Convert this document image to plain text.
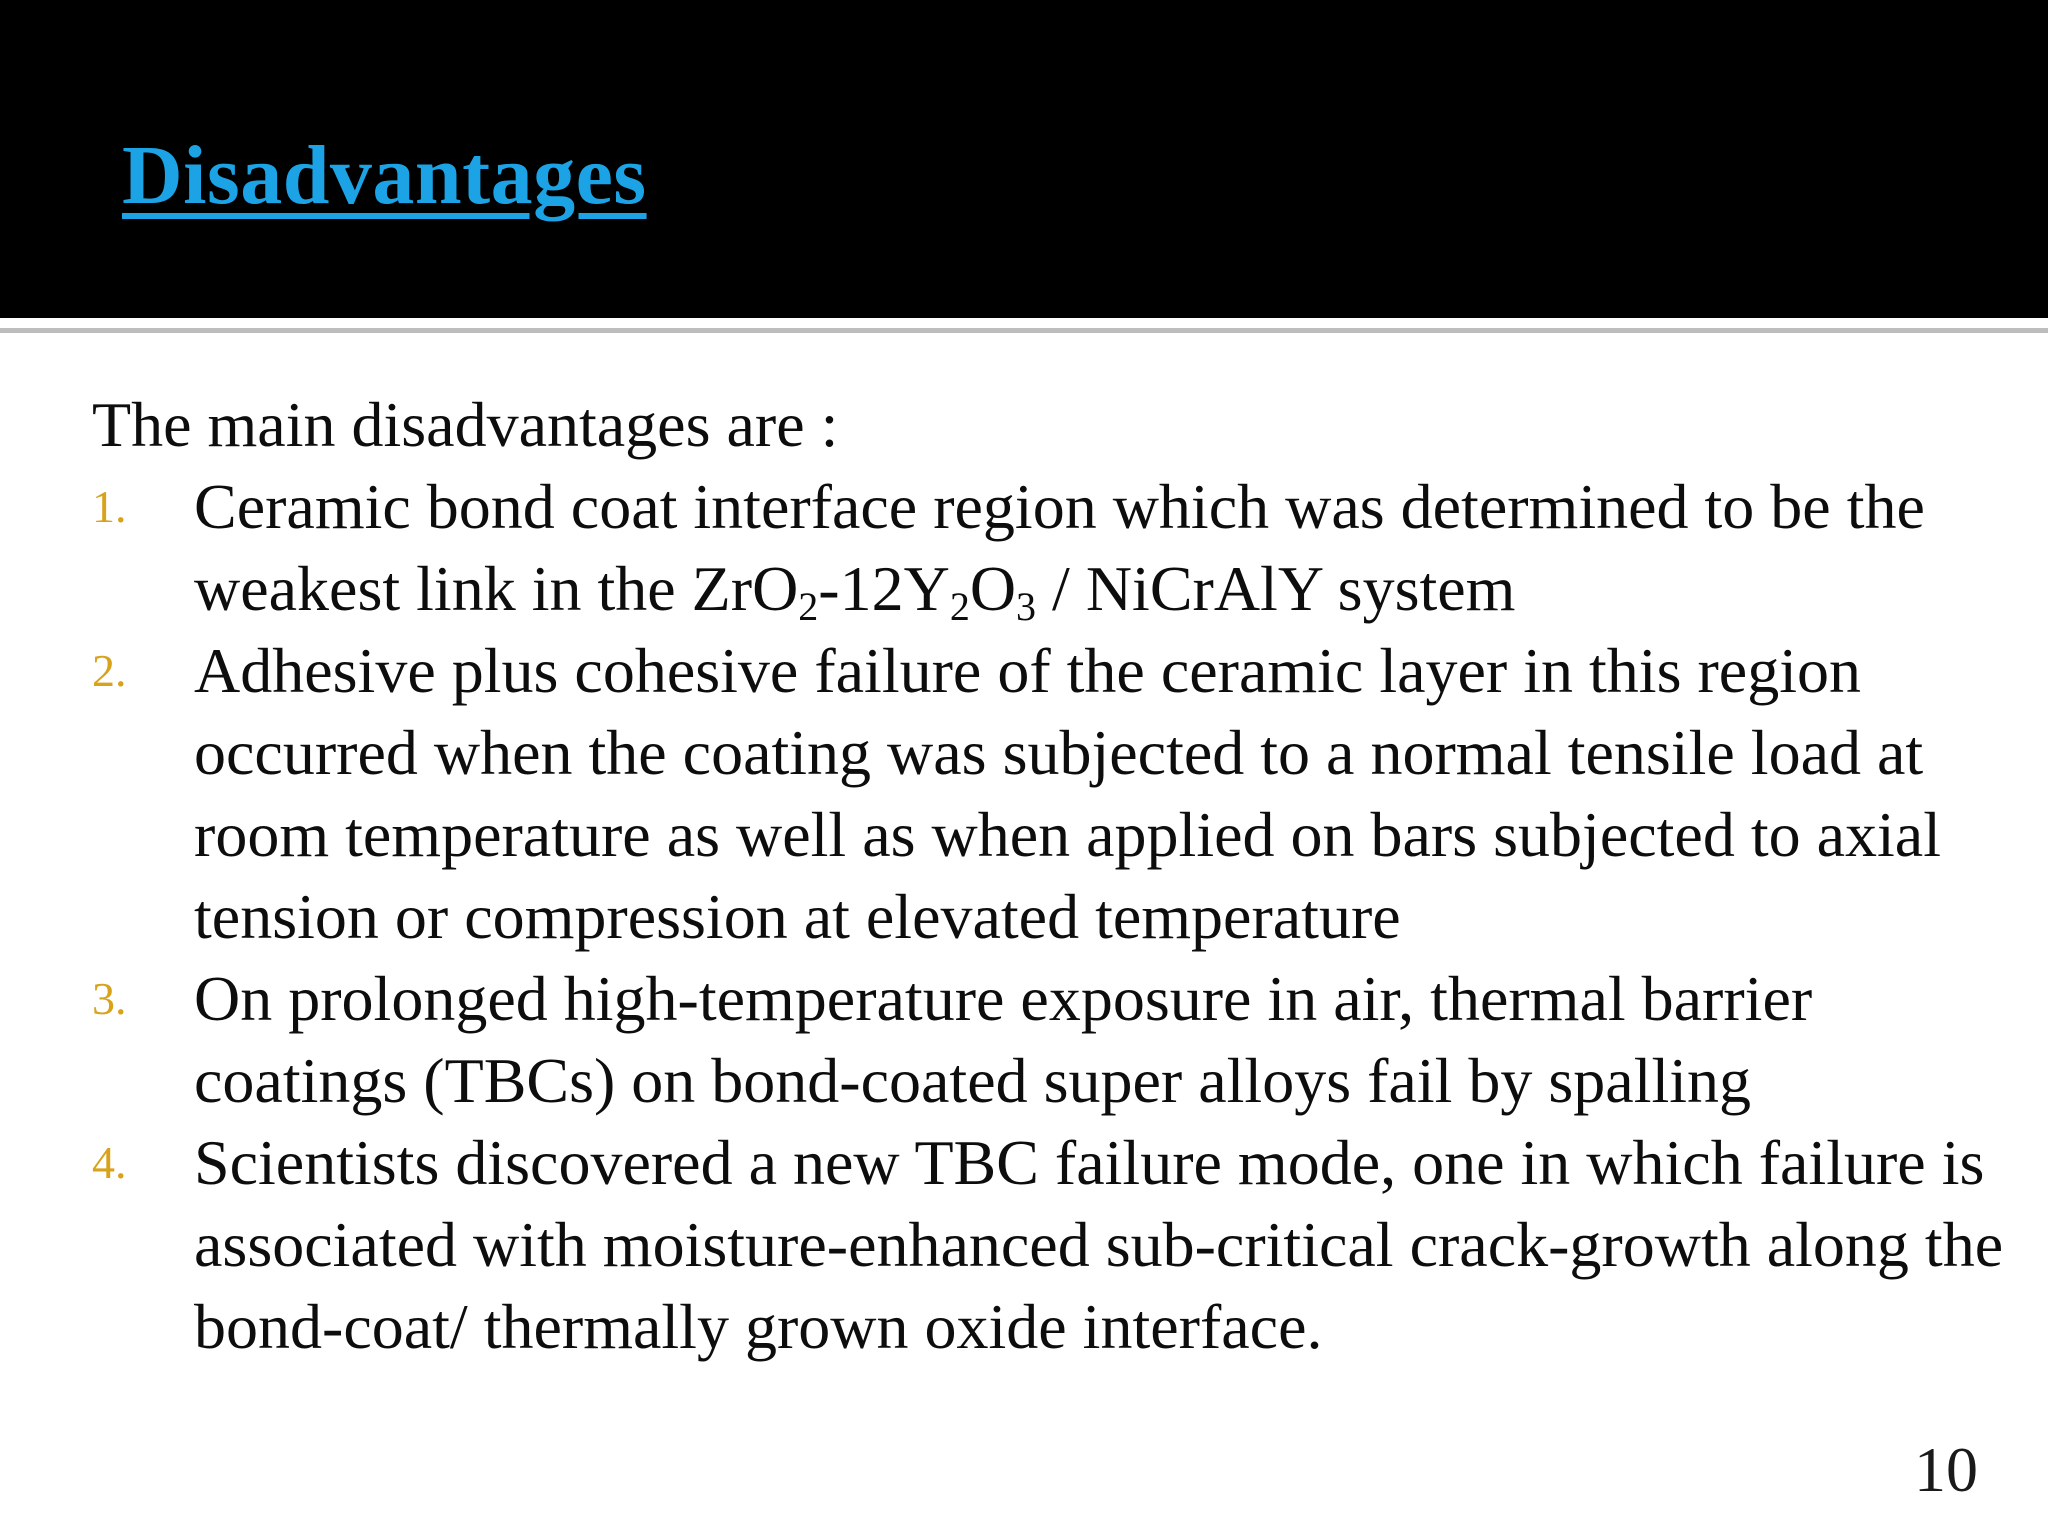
Disadvantages

The main disadvantages are :

1.	Ceramic bond coat interface region which was determined to be the weakest link in the $ZrO_2-12Y_2O_3$ / NiCrAlY system
2.	Adhesive plus cohesive failure of the ceramic layer in this region occurred when the coating was subjected to a normal tensile load at room temperature as well as when applied on bars subjected to axial tension or compression at elevated temperature
3.	On prolonged high-temperature exposure in air, thermal barrier coatings (TBCs) on bond-coated super alloys fail by spalling
4.	Scientists discovered a new TBC failure mode, one in which failure is associated with moisture-enhanced sub-critical crack-growth along the bond-coat/ thermally grown oxide interface.
10
